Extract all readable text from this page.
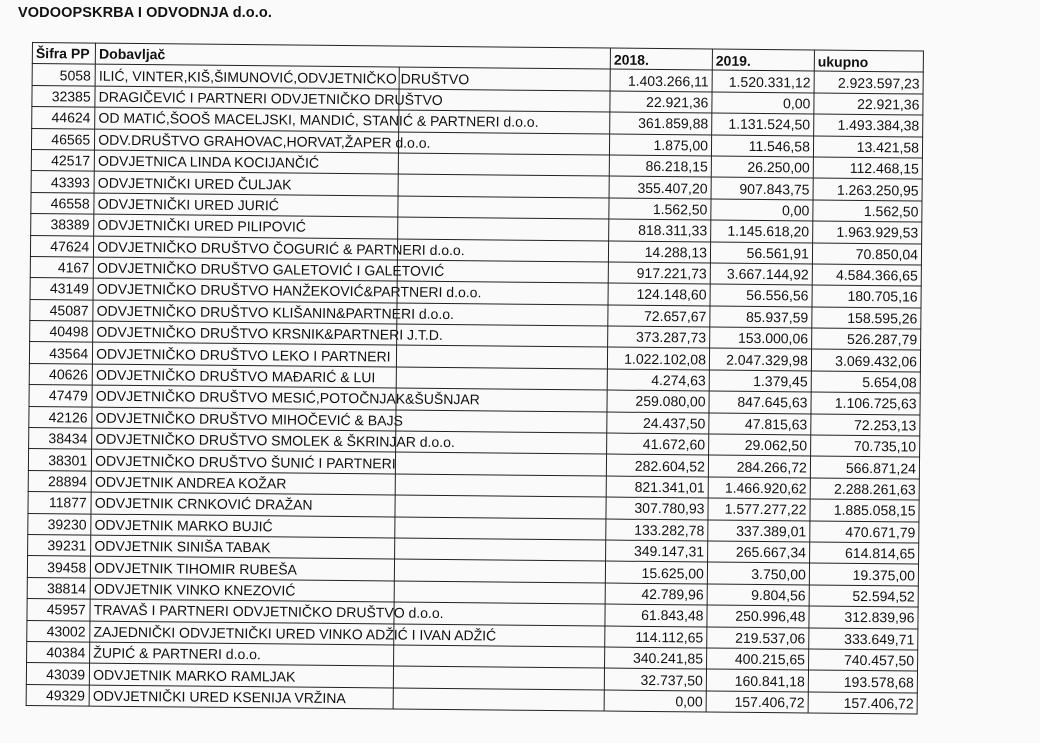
VODOOPSKRBA I ODVODNJA d.o.o.
Šifra PP	Dobavljač	2018.	2019.	ukupno
5058	ILIĆ, VINTER,KIŠ,ŠIMUNOVIĆ,ODVJETNIČKO DRUŠTVO	1.403.266,11	1.520.331,12	2.923.597,23
32385	DRAGIČEVIĆ I PARTNERI ODVJETNIČKO DRUŠTVO	22.921,36	0,00	22.921,36
44624	OD MATIĆ,ŠOOŠ MACELJSKI, MANDIĆ, STANIĆ & PARTNERI d.o.o.	361.859,88	1.131.524,50	1.493.384,38
46565	ODV.DRUŠTVO GRAHOVAC,HORVAT,ŽAPER d.o.o.	1.875,00	11.546,58	13.421,58
42517	ODVJETNICA LINDA KOCIJANČIĆ	86.218,15	26.250,00	112.468,15
43393	ODVJETNIČKI URED ČULJAK	355.407,20	907.843,75	1.263.250,95
46558	ODVJETNIČKI URED JURIĆ	1.562,50	0,00	1.562,50
38389	ODVJETNIČKI URED PILIPOVIĆ	818.311,33	1.145.618,20	1.963.929,53
47624	ODVJETNIČKO DRUŠTVO ČOGURIĆ & PARTNERI d.o.o.	14.288,13	56.561,91	70.850,04
4167	ODVJETNIČKO DRUŠTVO GALETOVIĆ I GALETOVIĆ	917.221,73	3.667.144,92	4.584.366,65
43149	ODVJETNIČKO DRUŠTVO HANŽEKOVIĆ&PARTNERI d.o.o.	124.148,60	56.556,56	180.705,16
45087	ODVJETNIČKO DRUŠTVO KLIŠANIN&PARTNERI d.o.o.	72.657,67	85.937,59	158.595,26
40498	ODVJETNIČKO DRUŠTVO KRSNIK&PARTNERI J.T.D.	373.287,73	153.000,06	526.287,79
43564	ODVJETNIČKO DRUŠTVO LEKO I PARTNERI	1.022.102,08	2.047.329,98	3.069.432,06
40626	ODVJETNIČKO DRUŠTVO MAĐARIĆ & LUI	4.274,63	1.379,45	5.654,08
47479	ODVJETNIČKO DRUŠTVO MESIĆ,POTOČNJAK&ŠUŠNJAR	259.080,00	847.645,63	1.106.725,63
42126	ODVJETNIČKO DRUŠTVO MIHOČEVIĆ & BAJS	24.437,50	47.815,63	72.253,13
38434	ODVJETNIČKO DRUŠTVO SMOLEK & ŠKRINJAR d.o.o.	41.672,60	29.062,50	70.735,10
38301	ODVJETNIČKO DRUŠTVO ŠUNIĆ I PARTNERI	282.604,52	284.266,72	566.871,24
28894	ODVJETNIK ANDREA KOŽAR	821.341,01	1.466.920,62	2.288.261,63
11877	ODVJETNIK CRNKOVIĆ DRAŽAN	307.780,93	1.577.277,22	1.885.058,15
39230	ODVJETNIK MARKO BUJIĆ	133.282,78	337.389,01	470.671,79
39231	ODVJETNIK SINIŠA TABAK	349.147,31	265.667,34	614.814,65
39458	ODVJETNIK TIHOMIR RUBEŠA	15.625,00	3.750,00	19.375,00
38814	ODVJETNIK VINKO KNEZOVIĆ	42.789,96	9.804,56	52.594,52
45957	TRAVAŠ I PARTNERI ODVJETNIČKO DRUŠTVO d.o.o.	61.843,48	250.996,48	312.839,96
43002	ZAJEDNIČKI ODVJETNIČKI URED VINKO ADŽIĆ I IVAN ADŽIĆ	114.112,65	219.537,06	333.649,71
40384	ŽUPIĆ & PARTNERI d.o.o.	340.241,85	400.215,65	740.457,50
43039	ODVJETNIK MARKO RAMLJAK	32.737,50	160.841,18	193.578,68
49329	ODVJETNIČKI URED KSENIJA VRŽINA	0,00	157.406,72	157.406,72
